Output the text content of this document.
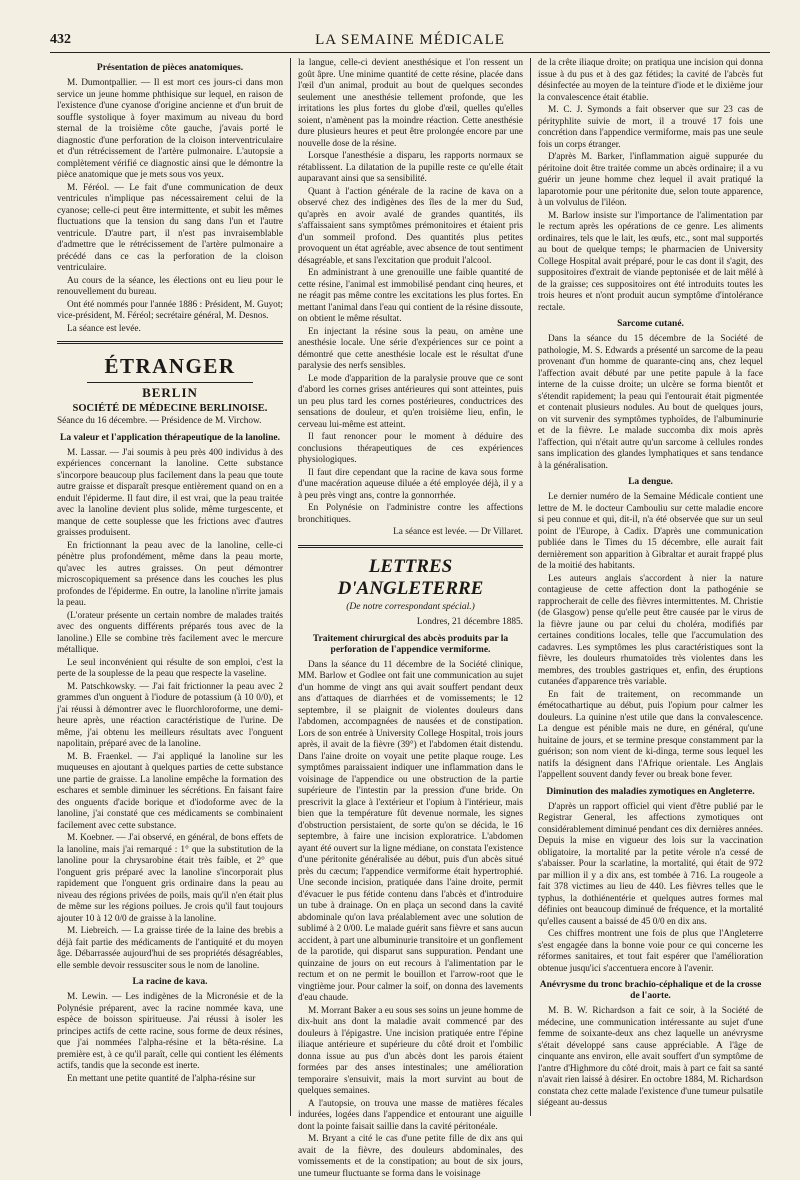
432	LA SEMAINE MÉDICALE
Présentation de pièces anatomiques.

M. Dumontpallier. — Il est mort ces jours-ci dans mon service un jeune homme phthisique sur lequel, en raison de l'existence d'une cyanose d'origine ancienne et d'un bruit de souffle systolique à foyer maximum au niveau du bord sternal de la troisième côte gauche, j'avais porté le diagnostic d'une perforation de la cloison interventriculaire et d'un rétrécissement de l'artère pulmonaire. L'autopsie a complètement vérifié ce diagnostic ainsi que le démontre la pièce anatomique que je mets sous vos yeux.

M. Féréol. — Le fait d'une communication de deux ventricules n'implique pas nécessairement celui de la cyanose; celle-ci peut être intermittente, et subit les mêmes fluctuations que la tension du sang dans l'un et l'autre ventricule. D'autre part, il n'est pas invraisemblable d'admettre que le rétrécissement de l'artère pulmonaire a précédé dans ce cas la perforation de la cloison ventriculaire.

Au cours de la séance, les élections ont eu lieu pour le renouvellement du bureau.

Ont été nommés pour l'année 1886 : Président, M. Guyot; vice-président, M. Féréol; secrétaire général, M. Desnos.

La séance est levée.

ÉTRANGER
BERLIN
SOCIÉTÉ DE MÉDECINE BERLINOISE.

Séance du 16 décembre. — Présidence de M. Virchow.

La valeur et l'application thérapeutique de la lanoline.

M. Lassar. — J'ai soumis à peu près 400 individus à des expériences concernant la lanoline. Cette substance s'incorpore beaucoup plus facilement dans la peau que toute autre graisse et disparaît presque entièrement quand on en a enduit l'épiderme. Il faut dire, il est vrai, que la peau traitée avec la lanoline devient plus solide, même turgescente, et manque de cette souplesse que les frictions avec d'autres graisses produisent.

En frictionnant la peau avec de la lanoline, celle-ci pénètre plus profondément, même dans la peau morte, qu'avec les autres graisses. On peut démontrer microscopiquement sa présence dans les couches les plus profondes de l'épiderme. En outre, la lanoline n'irrite jamais la peau.

(L'orateur présente un certain nombre de malades traités avec des onguents différents préparés tous avec de la lanoline.) Elle se combine très facilement avec le mercure métallique.

Le seul inconvénient qui résulte de son emploi, c'est la perte de la souplesse de la peau que respecte la vaseline.

M. Patschkowsky. — J'ai fait frictionner la peau avec 2 grammes d'un onguent à l'iodure de potassium (à 10 0/0), et j'ai réussi à démontrer avec le fluorchloroforme, une demi-heure après, une réaction caractéristique de l'urine. De même, j'ai obtenu les meilleurs résultats avec l'onguent napolitain, préparé avec de la lanoline.

M. B. Fraenkel. — J'ai appliqué la lanoline sur les muqueuses en ajoutant à quelques parties de cette substance une partie de graisse. La lanoline empêche la formation des eschares et semble diminuer les sécrétions. En faisant faire des onguents d'acide borique et d'iodoforme avec de la lanoline, j'ai constaté que ces médicaments se combinaient facilement avec cette substance.

M. Koebner. — J'ai observé, en général, de bons effets de la lanoline, mais j'ai remarqué : 1° que la substitution de la lanoline pour la chrysarobine était très faible, et 2° que l'onguent gris préparé avec la lanoline s'incorporait plus rapidement que l'onguent gris ordinaire dans la peau au niveau des régions privées de poils, mais qu'il n'en était plus de même sur les régions poilues. Je crois qu'il faut toujours ajouter 10 à 12 0/0 de graisse à la lanoline.

M. Liebreich. — La graisse tirée de la laine des brebis a déjà fait partie des médicaments de l'antiquité et du moyen âge. Débarrassée aujourd'hui de ses propriétés désagréables, elle semble devoir ressusciter sous le nom de lanoline.

La racine de kava.

M. Lewin. — Les indigènes de la Micronésie et de la Polynésie préparent, avec la racine nommée kava, une espèce de boisson spiritueuse. J'ai réussi à isoler les principes actifs de cette racine, sous forme de deux résines, que j'ai nommées l'alpha-résine et la bêta-résine. La première est, à ce qu'il paraît, celle qui contient les éléments actifs, tandis que la seconde est inerte.

En mettant une petite quantité de l'alpha-résine sur

la langue, celle-ci devient anesthésique et l'on ressent un goût âpre. Une minime quantité de cette résine, placée dans l'œil d'un animal, produit au bout de quelques secondes seulement une anesthésie tellement profonde, que les irritations les plus fortes du globe d'œil, quelles qu'elles soient, n'amènent pas la moindre réaction. Cette anesthésie dure plusieurs heures et peut être prolongée encore par une nouvelle dose de la résine.

Lorsque l'anesthésie a disparu, les rapports normaux se rétablissent. La dilatation de la pupille reste ce qu'elle était auparavant ainsi que sa sensibilité.

Quant à l'action générale de la racine de kava on a observé chez des indigènes des îles de la mer du Sud, qu'après en avoir avalé de grandes quantités, ils s'affaissaient sans symptômes prémonitoires et étaient pris d'un sommeil profond. Des quantités plus petites provoquent un état agréable, avec absence de tout sentiment désagréable, et sans l'excitation que produit l'alcool.

En administrant à une grenouille une faible quantité de cette résine, l'animal est immobilisé pendant cinq heures, et ne réagit pas même contre les excitations les plus fortes. En mettant l'animal dans l'eau qui contient de la résine dissoute, on obtient le même résultat.

En injectant la résine sous la peau, on amène une anesthésie locale. Une série d'expériences sur ce point a démontré que cette anesthésie locale est le résultat d'une paralysie des nerfs sensibles.

Le mode d'apparition de la paralysie prouve que ce sont d'abord les cornes grises antérieures qui sont atteintes, puis un peu plus tard les cornes postérieures, conductrices des sensations de douleur, et qu'en troisième lieu, enfin, le cerveau lui-même est atteint.

Il faut renoncer pour le moment à déduire des conclusions thérapeutiques de ces expériences physiologiques.

Il faut dire cependant que la racine de kava sous forme d'une macération aqueuse diluée a été employée déjà, il y a à peu près vingt ans, contre la gonnorrhée.

En Polynésie on l'administre contre les affections bronchitiques.

La séance est levée. — Dr Villaret.

LETTRES D'ANGLETERRE
(De notre correspondant spécial.)
Londres, 21 décembre 1885.
Traitement chirurgical des abcès produits par la perforation de l'appendice vermiforme.

Dans la séance du 11 décembre de la Société clinique, MM. Barlow et Godlee ont fait une communication au sujet d'un homme de vingt ans qui avait souffert pendant deux ans d'attaques de diarrhées et de vomissements; le 12 septembre, il se plaignit de violentes douleurs dans l'abdomen, accompagnées de nausées et de constipation. Lors de son entrée à University College Hospital, trois jours après, il avait de la fièvre (39°) et l'abdomen était distendu. Dans l'aine droite on voyait une petite plaque rouge. Les symptômes paraissaient indiquer une inflammation dans le voisinage de l'appendice ou une obstruction de la partie supérieure de l'intestin par la pression d'une bride. On prescrivit la glace à l'extérieur et l'opium à l'intérieur, mais bien que la température fût devenue normale, les signes d'obstruction persistaient, de sorte qu'on se décida, le 16 septembre, à faire une incision exploratrice. L'abdomen ayant été ouvert sur la ligne médiane, on constata l'existence d'une péritonite généralisée au début, puis d'un abcès situé près du cæcum; l'appendice vermiforme était hypertrophié. Une seconde incision, pratiquée dans l'aine droite, permit d'évacuer le pus fétide contenu dans l'abcès et d'introduire un tube à drainage. On en plaça un second dans la cavité abdominale qu'on lava préalablement avec une solution de sublimé à 2 0/00. Le malade guérit sans fièvre et sans aucun accident, à part une albuminurie transitoire et un gonflement de la parotide, qui disparut sans suppuration. Pendant une quinzaine de jours on eut recours à l'alimentation par le rectum et on ne permit le bouillon et l'arrow-root que le vingtième jour. Pour calmer la soif, on donna des lavements d'eau chaude.

M. Morrant Baker a eu sous ses soins un jeune homme de dix-huit ans dont la maladie avait commencé par des douleurs à l'épigastre. Une incision pratiquée entre l'épine iliaque antérieure et supérieure du côté droit et l'ombilic donna issue au pus d'un abcès dont les parois étaient formées par des anses intestinales; une amélioration temporaire s'ensuivit, mais la mort survint au bout de quelques semaines.

A l'autopsie, on trouva une masse de matières fécales indurées, logées dans l'appendice et entourant une aiguille dont la pointe faisait saillie dans la cavité péritonéale.

M. Bryant a cité le cas d'une petite fille de dix ans qui avait de la fièvre, des douleurs abdominales, des vomissements et de la constipation; au bout de six jours, une tumeur fluctuante se forma dans le voisinage

de la crête iliaque droite; on pratiqua une incision qui donna issue à du pus et à des gaz fétides; la cavité de l'abcès fut désinfectée au moyen de la teinture d'iode et le dixième jour la convalescence était établie.

M. C. J. Symonds a fait observer que sur 23 cas de pérityphlite suivie de mort, il a trouvé 17 fois une concrétion dans l'appendice vermiforme, mais pas une seule fois un corps étranger.

D'après M. Barker, l'inflammation aiguë suppurée du péritoine doit être traitée comme un abcès ordinaire; il a vu guérir un jeune homme chez lequel il avait pratiqué la laparotomie pour une péritonite due, selon toute apparence, à un volvulus de l'iléon.

M. Barlow insiste sur l'importance de l'alimentation par le rectum après les opérations de ce genre. Les aliments ordinaires, tels que le lait, les œufs, etc., sont mal supportés au bout de quelque temps; le pharmacien de University College Hospital avait préparé, pour le cas dont il s'agit, des suppositoires d'extrait de viande peptonisée et de lait mêlé à de la graisse; ces suppositoires ont été introduits toutes les trois heures et n'ont produit aucun symptôme d'intolérance rectale.

Sarcome cutané.

Dans la séance du 15 décembre de la Société de pathologie, M. S. Edwards a présenté un sarcome de la peau provenant d'un homme de quarante-cinq ans, chez lequel l'affection avait débuté par une petite papule à la face interne de la cuisse droite; un ulcère se forma bientôt et s'étendit rapidement; la peau qui l'entourait était pigmentée et contenait plusieurs nodules. Au bout de quelques jours, on vit survenir des symptômes typhoïdes, de l'albuminurie et de la fièvre. Le malade succomba dix mois après l'affection, qui n'était autre qu'un sarcome à cellules rondes sans implication des glandes lymphatiques et sans tendance à la généralisation.

La dengue.

Le dernier numéro de la Semaine Médicale contient une lettre de M. le docteur Cambouliu sur cette maladie encore si peu connue et qui, dit-il, n'a été observée que sur un seul point de l'Europe, à Cadix. D'après une communication publiée dans le Times du 15 décembre, elle aurait fait dernièrement son apparition à Gibraltar et aurait frappé plus de la moitié des habitants.

Les auteurs anglais s'accordent à nier la nature contagieuse de cette affection dont la pathogénie se rapprocherait de celle des fièvres intermittentes. M. Christie (de Glasgow) pense qu'elle peut être causée par le virus de la fièvre jaune ou par celui du choléra, modifiés par certaines conditions locales, telle que l'accumulation des cadavres. Les symptômes les plus caractéristiques sont la fièvre, les douleurs rhumatoïdes très violentes dans les membres, des troubles gastriques et, enfin, des éruptions cutanées d'apparence très variable.

En fait de traitement, on recommande un émétocathartique au début, puis l'opium pour calmer les douleurs. La quinine n'est utile que dans la convalescence. La dengue est pénible mais ne dure, en général, qu'une huitaine de jours, et se termine presque constamment par la guérison; son nom vient de ki-dinga, terme sous lequel les natifs la désignent dans l'Afrique orientale. Les Anglais l'appellent souvent dandy fever ou break bone fever.

Diminution des maladies zymotiques en Angleterre.

D'après un rapport officiel qui vient d'être publié par le Registrar General, les affections zymotiques ont considérablement diminué pendant ces dix dernières années. Depuis la mise en vigueur des lois sur la vaccination obligatoire, la mortalité par la petite vérole n'a cessé de s'abaisser. Pour la scarlatine, la mortalité, qui était de 972 par million il y a dix ans, est tombée à 716. La rougeole a fait 378 victimes au lieu de 440. Les fièvres telles que le typhus, la dothiénentérie et quelques autres formes mal définies ont beaucoup diminué de fréquence, et la mortalité qu'elles causent a baissé de 45 0/0 en dix ans.

Ces chiffres montrent une fois de plus que l'Angleterre s'est engagée dans la bonne voie pour ce qui concerne les réformes sanitaires, et tout fait espérer que l'amélioration obtenue jusqu'ici s'accentuera encore à l'avenir.

Anévrysme du tronc brachio-céphalique et de la crosse de l'aorte.

M. B. W. Richardson a fait ce soir, à la Société de médecine, une communication intéressante au sujet d'une femme de soixante-deux ans chez laquelle un anévrysme s'était développé sans cause appréciable. A l'âge de cinquante ans environ, elle avait souffert d'un symptôme de l'antre d'Highmore du côté droit, mais à part ce fait sa santé n'avait rien laissé à désirer. En octobre 1884, M. Richardson constata chez cette malade l'existence d'une tumeur pulsatile siégeant au-dessus
